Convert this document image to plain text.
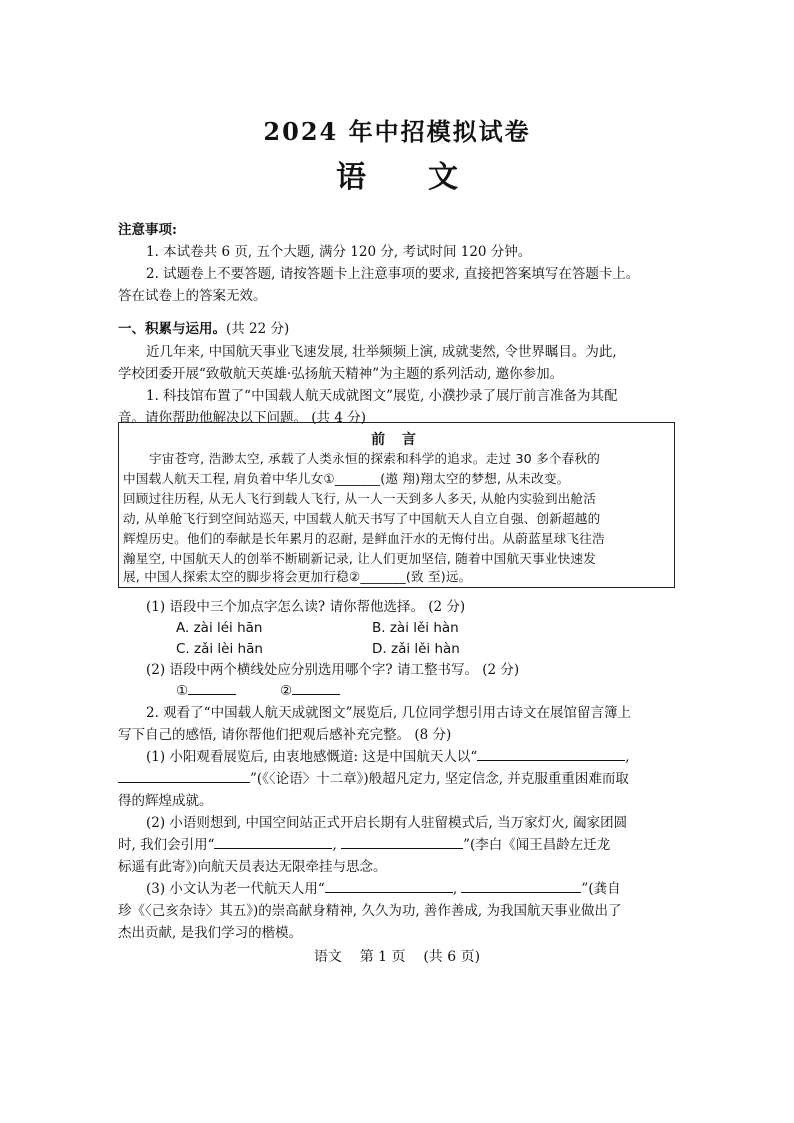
2024 年中招模拟试卷
语 文
注意事项:
1. 本试卷共 6 页, 五个大题, 满分 120 分, 考试时间 120 分钟。
2. 试题卷上不要答题, 请按答题卡上注意事项的要求, 直接把答案填写在答题卡上。
答在试卷上的答案无效。
一、积累与运用。(共 22 分)
近几年来, 中国航天事业飞速发展, 壮举频频上演, 成就斐然, 令世界瞩目。为此,
学校团委开展“致敬航天英雄·弘扬航天精神”为主题的系列活动, 邀你参加。
1. 科技馆布置了“中国载人航天成就图文”展览, 小濮抄录了展厅前言准备为其配
音。请你帮助他解决以下问题。 (共 4 分)
前 言
宇宙苍穹, 浩渺太空, 承载了人类永恒的探索和科学的追求。走过 30 多个春秋的
中国载人航天工程, 肩负着中华儿女①_______(遨 翔)翔太空的梦想, 从未改变。
回顾过往历程, 从无人飞行到载人飞行, 从一人一天到多人多天, 从舱内实验到出舱活
动, 从单舱飞行到空间站巡天, 中国载人航天书写了中国航天人自立自强、创新超越的
辉煌历史。他们的奉献是长年累月的忍耐, 是鲜血汗水的无悔付出。从蔚蓝星球飞往浩
瀚星空, 中国航天人的创举不断刷新记录, 让人们更加坚信, 随着中国航天事业快速发
展, 中国人探索太空的脚步将会更加行稳②_______(致 至)远。
(1) 语段中三个加点字怎么读? 请你帮他选择。 (2 分)
A. zài léi hān	B. zài lěi hàn
C. zǎi lèi hān	D. zǎi lěi hàn
(2) 语段中两个横线处应分别选用哪个字? 请工整书写。 (2 分)
①	②
2. 观看了“中国载人航天成就图文”展览后, 几位同学想引用古诗文在展馆留言簿上
写下自己的感悟, 请你帮他们把观后感补充完整。 (8 分)
(1) 小阳观看展览后, 由衷地感慨道: 这是中国航天人以“	,
”(《〈论语〉十二章》)般超凡定力, 坚定信念, 并克服重重困难而取
得的辉煌成就。
(2) 小语则想到, 中国空间站正式开启长期有人驻留模式后, 当万家灯火, 阖家团圆
时, 我们会引用“	,	”(李白《闻王昌龄左迁龙
标遥有此寄》)向航天员表达无限牵挂与思念。
(3) 小文认为老一代航天人用“	,	”(龚自
珍《〈己亥杂诗〉其五》)的崇高献身精神, 久久为功, 善作善成, 为我国航天事业做出了
杰出贡献, 是我们学习的楷模。
语文    第 1 页    (共 6 页)
